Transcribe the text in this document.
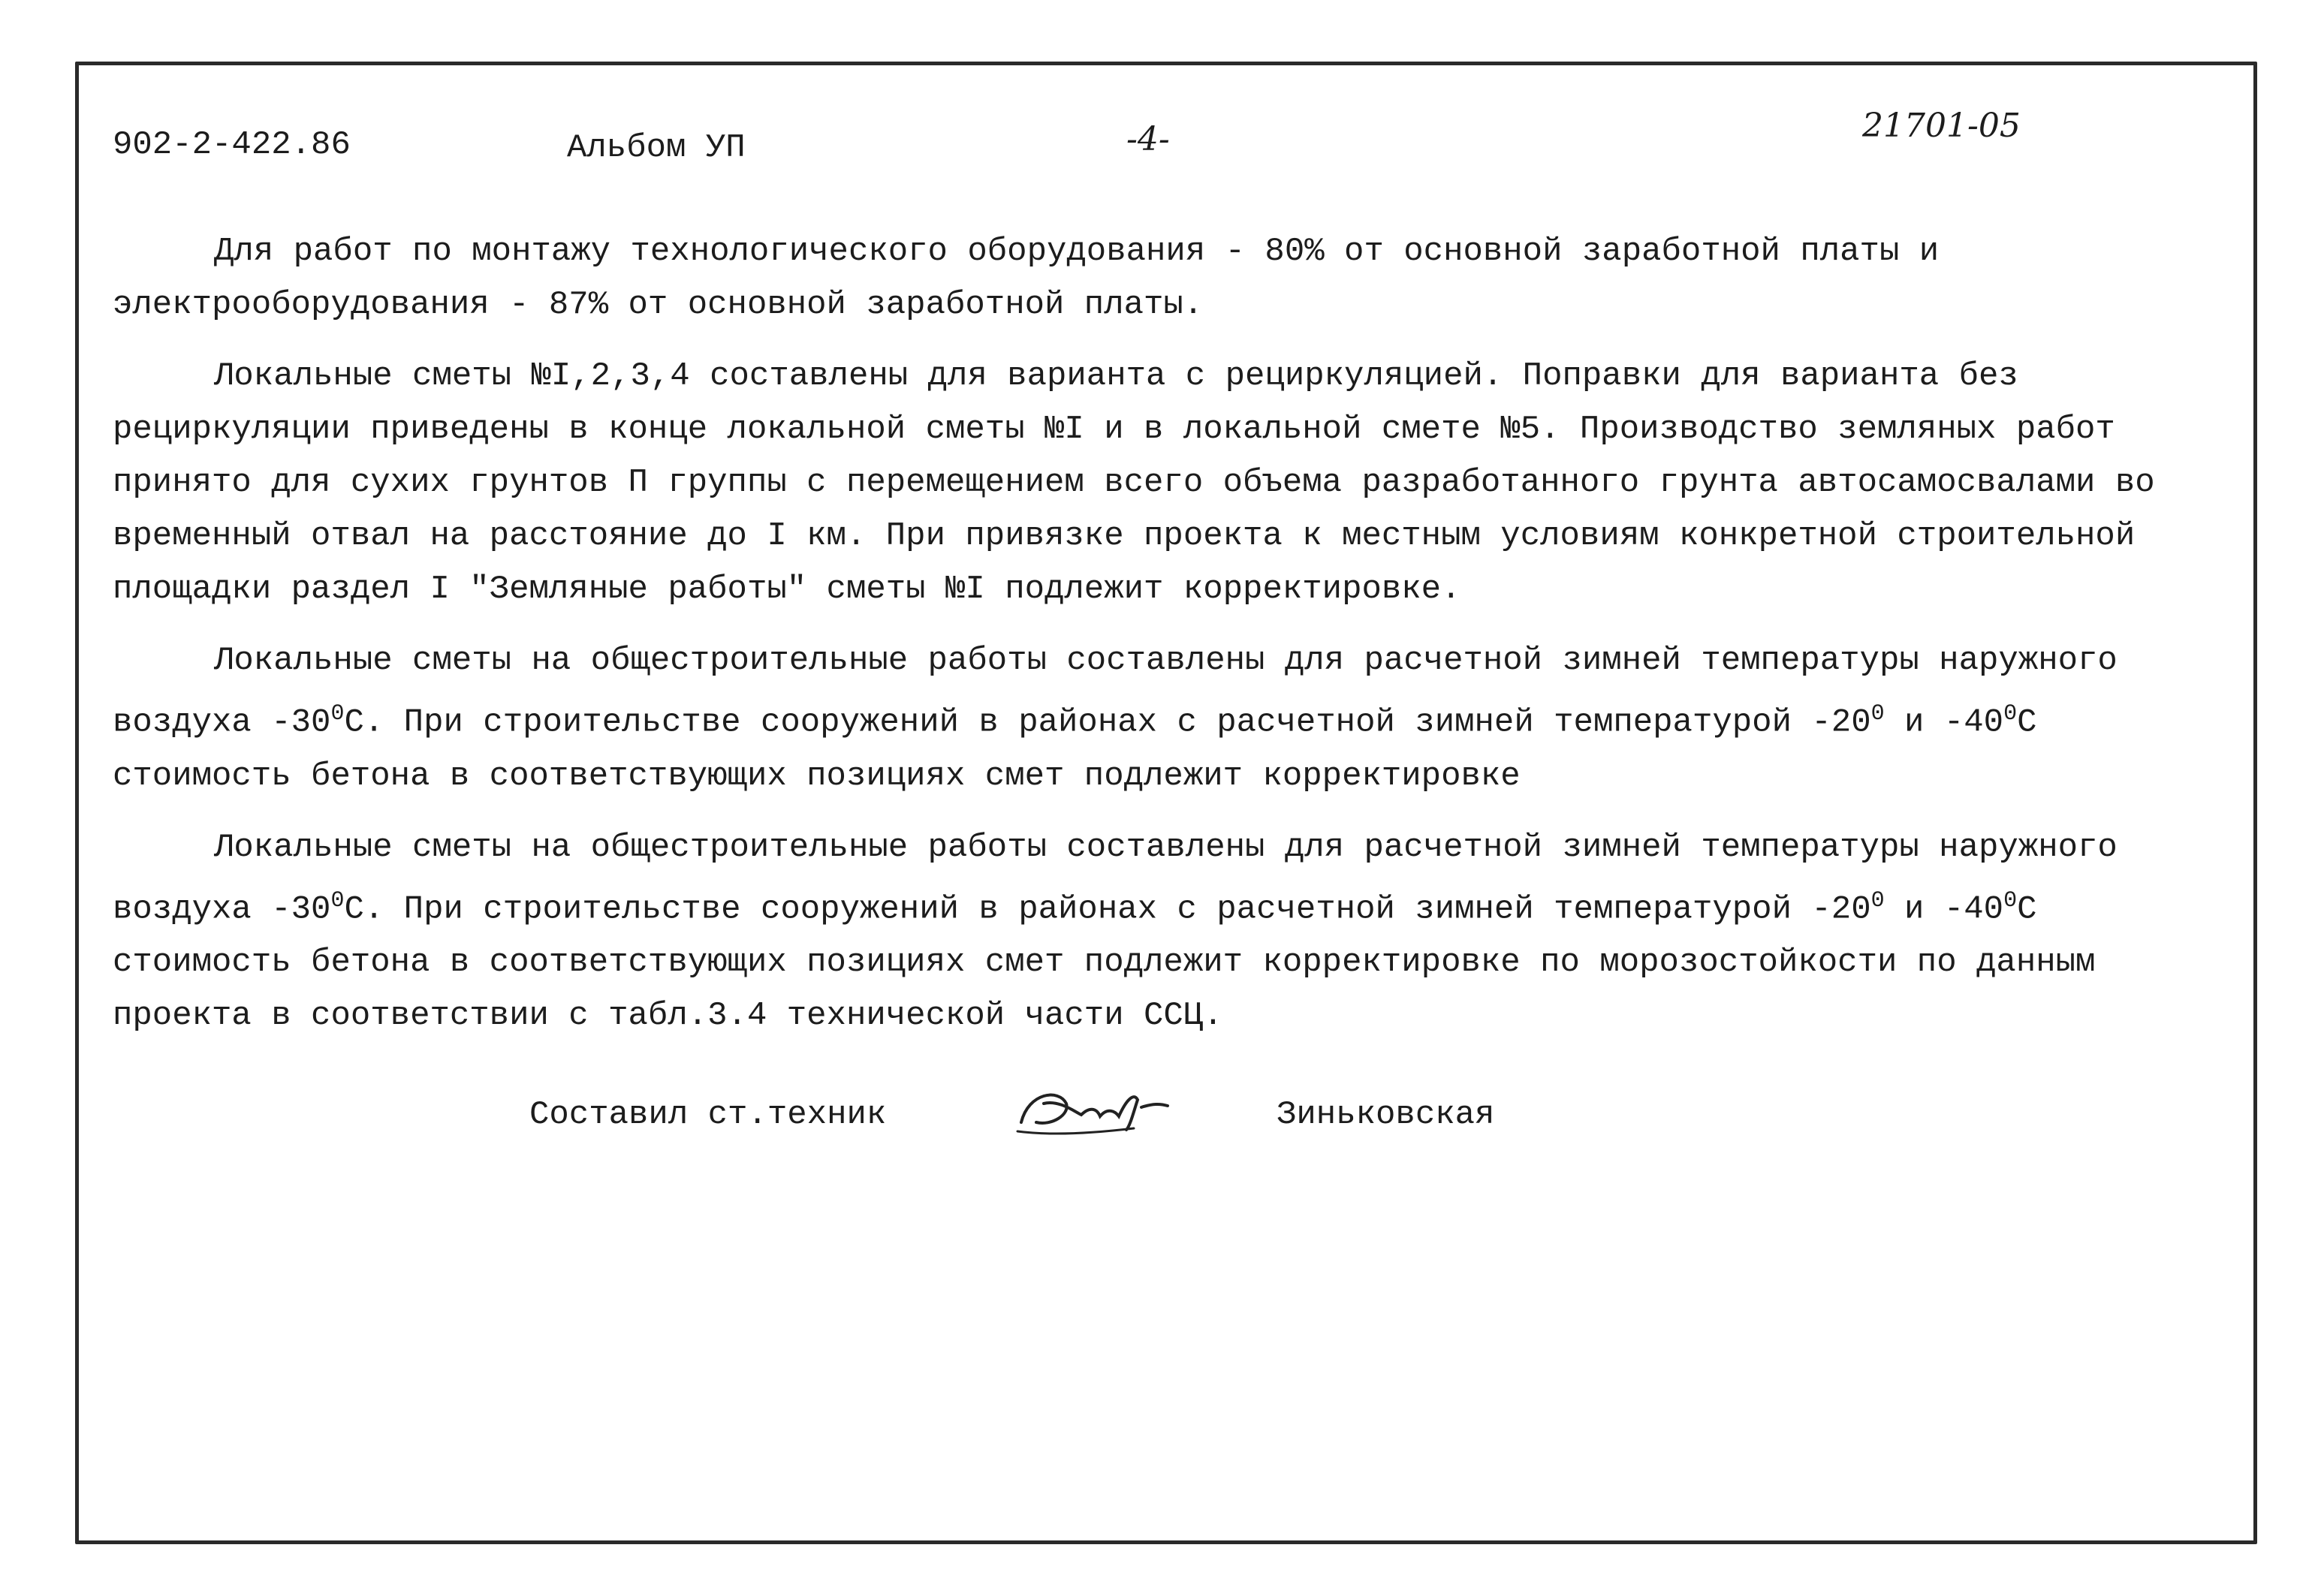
902-2-422.86	Альбом УП	-4-	21701-05

Для работ по монтажу технологического оборудования - 80% от основной заработной платы и электрооборудования - 87% от основной заработной платы.

Локальные сметы №I,2,3,4 составлены для варианта с рециркуляцией. Поправки для варианта без рециркуляции приведены в конце локальной сметы №I и в локальной смете №5. Производство земляных работ принято для сухих грунтов П группы с перемещением всего объема разработанного грунта автосамосвалами во временный отвал на расстояние до I км. При привязке проекта к местным условиям конкретной строительной площадки раздел I "Земляные работы" сметы №I подлежит корректировке.

Локальные сметы на общестроительные работы составлены для расчетной зимней температуры наружного воздуха $-30^0С$. При строительстве сооружений в районах с расчетной зимней температурой $-20^0$ и $-40^0С$ стоимость бетона в соответствующих позициях смет подлежит корректировке

Локальные сметы на общестроительные работы составлены для расчетной зимней температуры наружного воздуха $-30^0С$. При строительстве сооружений в районах с расчетной зимней температурой $-20^0$ и $-40^0С$ стоимость бетона в соответствующих позициях смет подлежит корректировке по морозостойкости по данным проекта в соответствии с табл.3.4 технической части ССЦ.

Составил ст.техник	Зиньковская
